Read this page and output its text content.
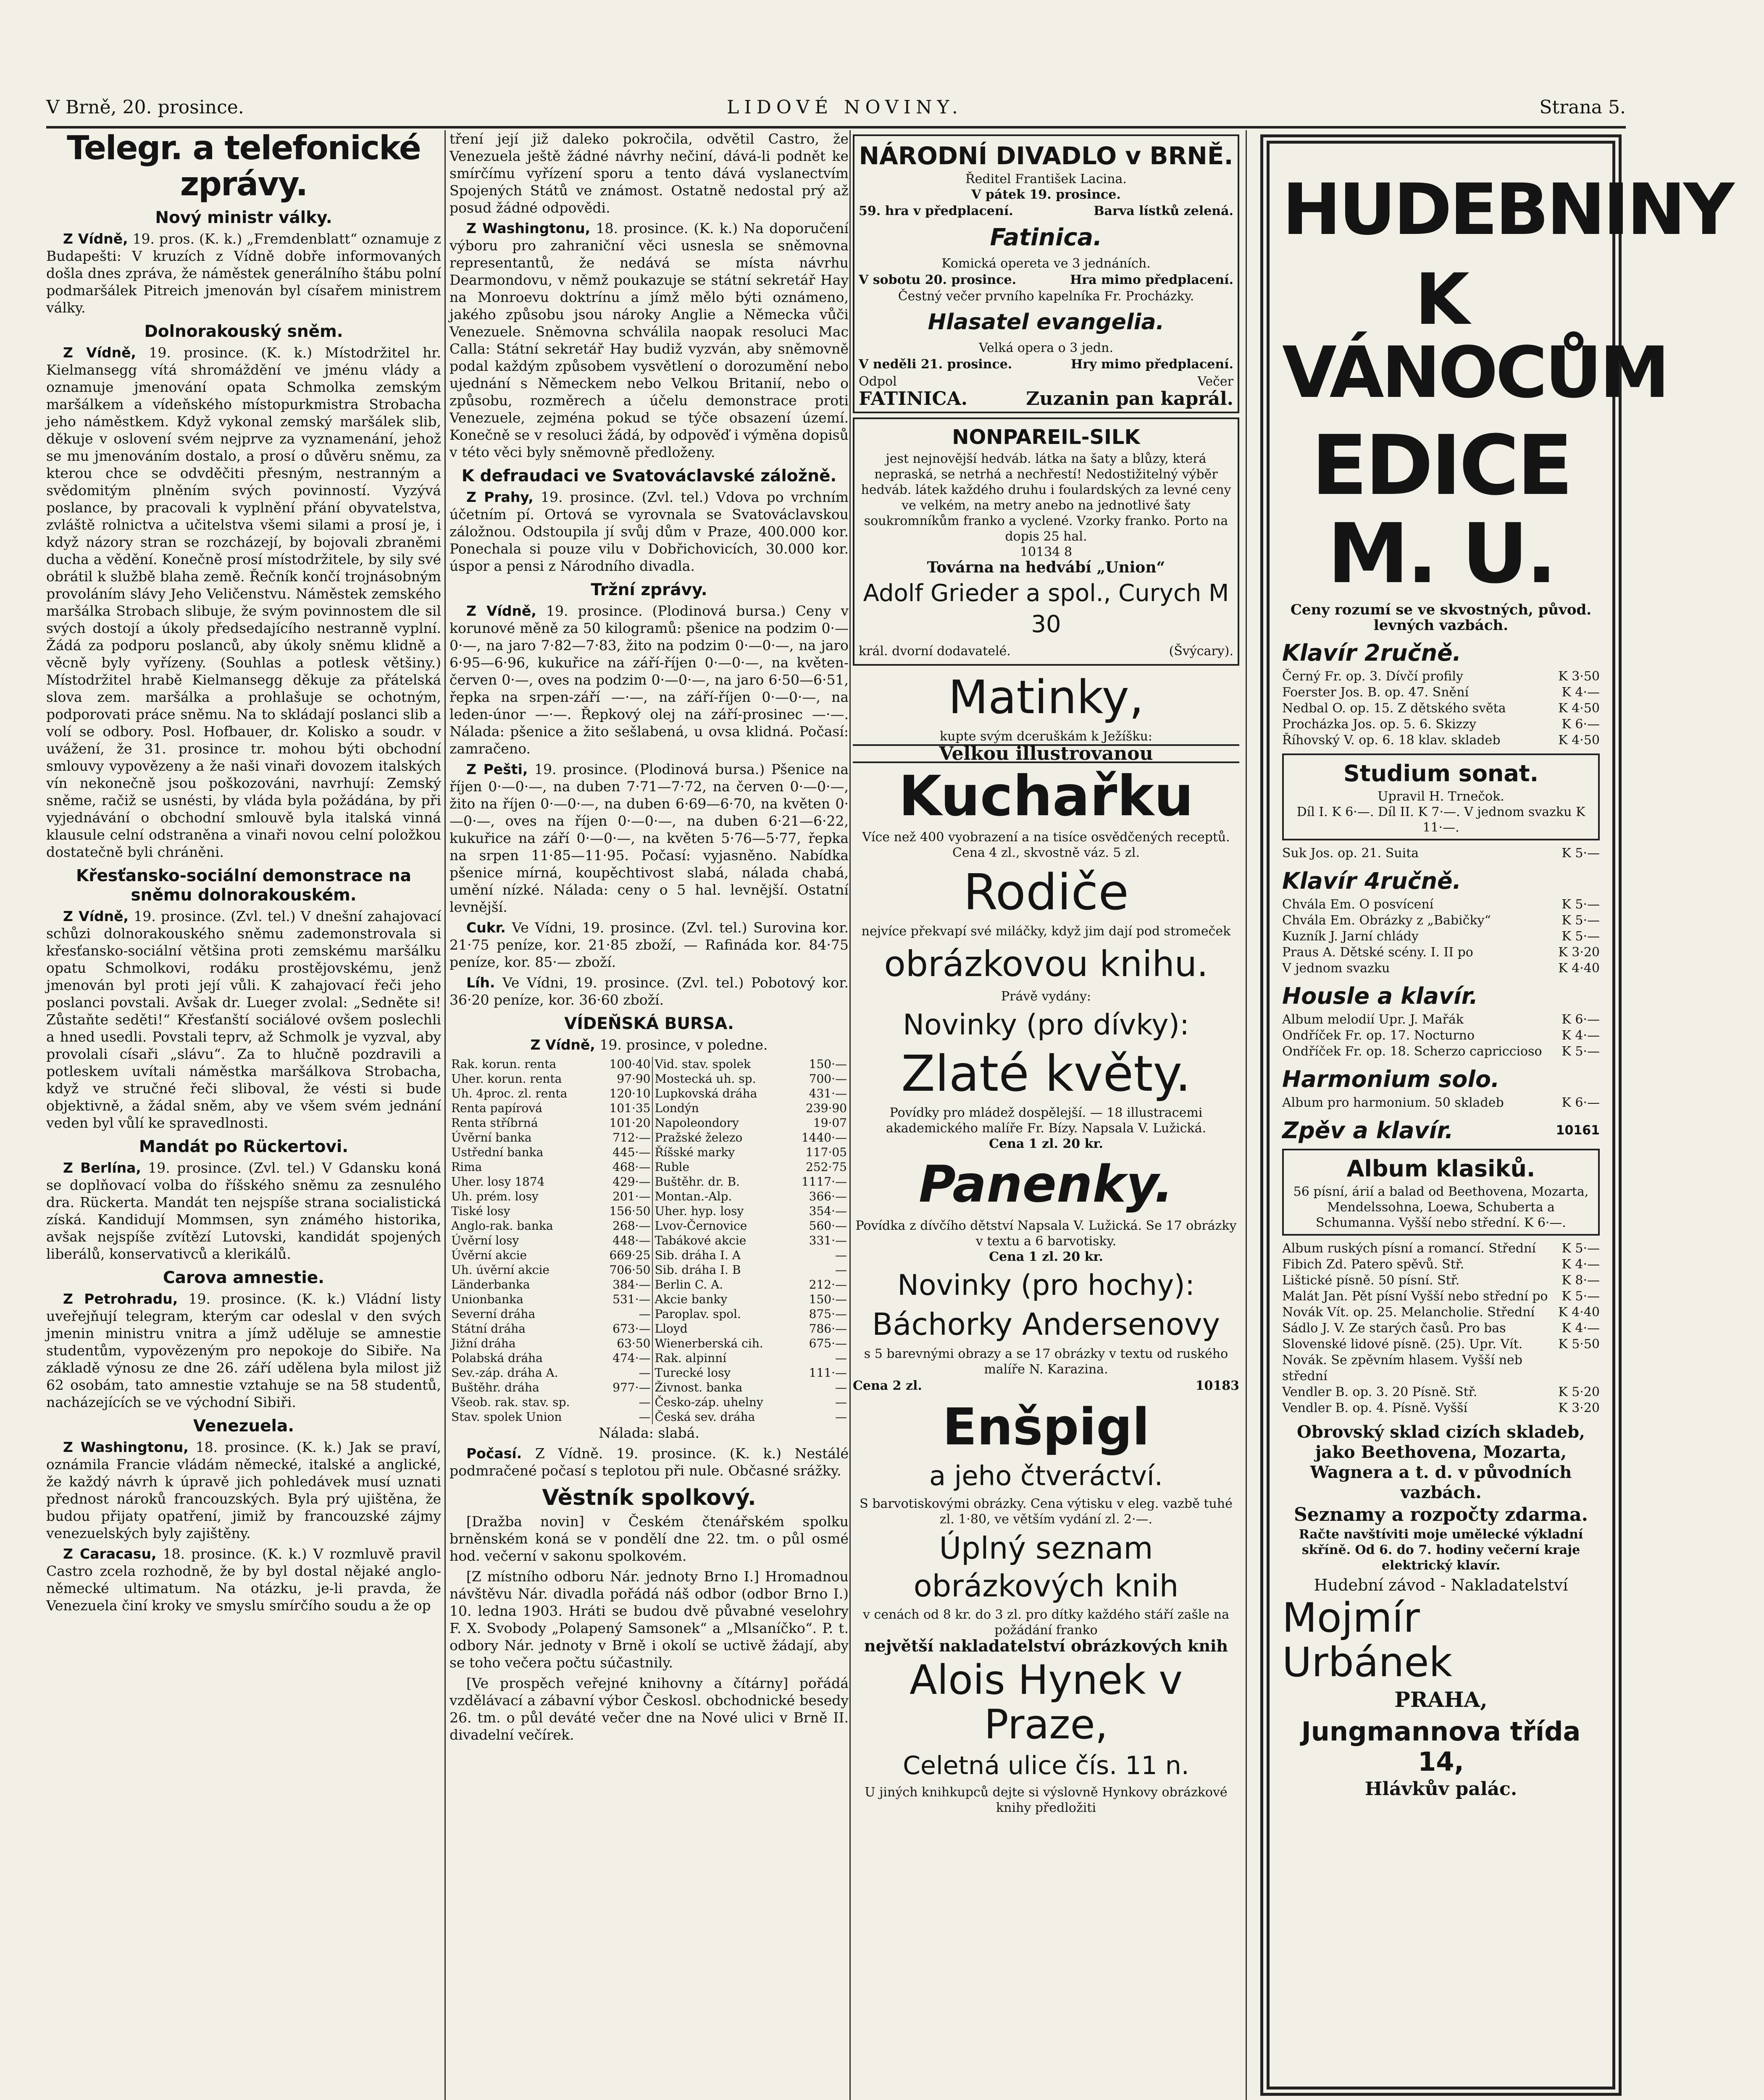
V Brně, 20. prosince.	LIDOVÉ NOVINY.	Strana 5.
Telegr. a telefonické zprávy.
Nový ministr války.

Z Vídně, 19. pros. (K. k.) „Fremdenblatt“ oznamuje z Budapešti: V kruzích z Vídně dobře informovaných došla dnes zpráva, že náměstek generálního štábu polní podmaršálek Pitreich jmenován byl císařem ministrem války.

Dolnorakouský sněm.

Z Vídně, 19. prosince. (K. k.) Místodržitel hr. Kielmansegg vítá shromáždění ve jménu vlády a oznamuje jmenování opata Schmolka zemským maršálkem a vídeňského místopurkmistra Strobacha jeho náměstkem. Když vykonal zemský maršálek slib, děkuje v oslovení svém nejprve za vyznamenání, jehož se mu jmenováním dostalo, a prosí o důvěru sněmu, za kterou chce se odvděčiti přesným, nestranným a svědomitým plněním svých povinností. Vyzývá poslance, by pracovali k vyplnění přání obyvatelstva, zvláště rolnictva a učitelstva všemi silami a prosí je, i když názory stran se rozcházejí, by bojovali zbraněmi ducha a vědění. Konečně prosí místodržitele, by sily své obrátil k službě blaha země. Řečník končí trojnásobným provoláním slávy Jeho Veličenstvu. Náměstek zemského maršálka Strobach slibuje, že svým povinnostem dle sil svých dostojí a úkoly předsedajícího nestranně vyplní. Žádá za podporu poslanců, aby úkoly sněmu klidně a věcně byly vyřízeny. (Souhlas a potlesk většiny.) Místodržitel hrabě Kielmansegg děkuje za přátelská slova zem. maršálka a prohlašuje se ochotným, podporovati práce sněmu. Na to skládají poslanci slib a volí se odbory. Posl. Hofbauer, dr. Kolisko a soudr. v uvážení, že 31. prosince tr. mohou býti obchodní smlouvy vypovězeny a že naši vinaři dovozem italských vín nekonečně jsou poškozováni, navrhují: Zemský sněme, račiž se usnésti, by vláda byla požádána, by při vyjednávání o obchodní smlouvě byla italská vinná klausule celní odstraněna a vinaři novou celní položkou dostatečně byli chráněni.

Křesťansko-sociální demonstrace na sněmu dolnorakouském.

Z Vídně, 19. prosince. (Zvl. tel.) V dnešní zahajovací schůzi dolnorakouského sněmu zademonstrovala si křesťansko-sociální většina proti zemskému maršálku opatu Schmolkovi, rodáku prostějovskému, jenž jmenován byl proti její vůli. K zahajovací řeči jeho poslanci povstali. Avšak dr. Lueger zvolal: „Sedněte si! Zůstaňte seděti!“ Křesťanští sociálové ovšem poslechli a hned usedli. Povstali teprv, až Schmolk je vyzval, aby provolali císaři „slávu“. Za to hlučně pozdravili a potleskem uvítali náměstka maršálkova Strobacha, když ve stručné řeči sliboval, že vésti si bude objektivně, a žádal sněm, aby ve všem svém jednání veden byl vůlí ke spravedlnosti.

Mandát po Rückertovi.

Z Berlína, 19. prosince. (Zvl. tel.) V Gdansku koná se doplňovací volba do říšského sněmu za zesnulého dra. Rückerta. Mandát ten nejspíše strana socialistická získá. Kandidují Mommsen, syn známého historika, avšak nejspíše zvítězí Lutovski, kandidát spojených liberálů, konservativců a klerikálů.

Carova amnestie.

Z Petrohradu, 19. prosince. (K. k.) Vládní listy uveřejňují telegram, kterým car odeslal v den svých jmenin ministru vnitra a jímž uděluje se amnestie studentům, vypovězeným pro nepokoje do Sibiře. Na základě výnosu ze dne 26. září udělena byla milost již 62 osobám, tato amnestie vztahuje se na 58 studentů, nacházejících se ve východní Sibiři.

Venezuela.

Z Washingtonu, 18. prosince. (K. k.) Jak se praví, oznámila Francie vládám německé, italské a anglické, že každý návrh k úpravě jich pohledávek musí uznati přednost nároků francouzských. Byla prý ujištěna, že budou přijaty opatření, jimiž by francouzské zájmy venezuelských byly zajištěny.

Z Caracasu, 18. prosince. (K. k.) V rozmluvě pravil Castro zcela rozhodně, že by byl dostal nějaké anglo-německé ultimatum. Na otázku, je-li pravda, že Venezuela činí kroky ve smyslu smírčího soudu a že op

tření její již daleko pokročila, odvětil Castro, že Venezuela ještě žádné návrhy nečiní, dává-li podnět ke smírčímu vyřízení sporu a tento dává vyslanectvím Spojených Států ve známost. Ostatně nedostal prý až posud žádné odpovědi.

Z Washingtonu, 18. prosince. (K. k.) Na doporučení výboru pro zahraniční věci usnesla se sněmovna representantů, že nedává se místa návrhu Dearmondovu, v němž poukazuje se státní sekretář Hay na Monroevu doktrínu a jímž mělo býti oznámeno, jakého způsobu jsou nároky Anglie a Německa vůči Venezuele. Sněmovna schválila naopak resoluci Mac Calla: Státní sekretář Hay budiž vyzván, aby sněmovně podal každým způsobem vysvětlení o dorozumění nebo ujednání s Německem nebo Velkou Britanií, nebo o způsobu, rozměrech a účelu demonstrace proti Venezuele, zejména pokud se týče obsazení území. Konečně se v resoluci žádá, by odpověď i výměna dopisů v této věci byly sněmovně předloženy.

K defraudaci ve Svatováclavské záložně.

Z Prahy, 19. prosince. (Zvl. tel.) Vdova po vrchním účetním pí. Ortová se vyrovnala se Svatováclavskou záložnou. Odstoupila jí svůj dům v Praze, 400.000 kor. Ponechala si pouze vilu v Dobřichovicích, 30.000 kor. úspor a pensi z Národního divadla.

Tržní zprávy.

Z Vídně, 19. prosince. (Plodinová bursa.) Ceny v korunové měně za 50 kilogramů: pšenice na podzim 0·—0·—, na jaro 7·82—7·83, žito na podzim 0·—0·—, na jaro 6·95—6·96, kukuřice na září-říjen 0·—0·—, na květen-červen 0·—, oves na podzim 0·—0·—, na jaro 6·50—6·51, řepka na srpen-září —·—, na září-říjen 0·—0·—, na leden-únor —·—. Řepkový olej na září-prosinec —·—. Nálada: pšenice a žito sešlabená, u ovsa klidná. Počasí: zamračeno.

Z Pešti, 19. prosince. (Plodinová bursa.) Pšenice na říjen 0·—0·—, na duben 7·71—7·72, na červen 0·—0·—, žito na říjen 0·—0·—, na duben 6·69—6·70, na květen 0·—0·—, oves na říjen 0·—0·—, na duben 6·21—6·22, kukuřice na září 0·—0·—, na květen 5·76—5·77, řepka na srpen 11·85—11·95. Počasí: vyjasněno. Nabídka pšenice mírná, koupěchtivost slabá, nálada chabá, umění nízké. Nálada: ceny o 5 hal. levnější. Ostatní levnější.

Cukr. Ve Vídni, 19. prosince. (Zvl. tel.) Surovina kor. 21·75 peníze, kor. 21·85 zboží, — Rafináda kor. 84·75 peníze, kor. 85·— zboží.

Líh. Ve Vídni, 19. prosince. (Zvl. tel.) Pobotový kor. 36·20 peníze, kor. 36·60 zboží.

VÍDEŇSKÁ BURSA.

Z Vídně, 19. prosince, v poledne.

Rak. korun. renta	100·40	Vid. stav. spolek	150·—
Uher. korun. renta	97·90	Mostecká uh. sp.	700·—
Uh. 4proc. zl. renta	120·10	Lupkovská dráha	431·—
Renta papírová	101·35	Londýn	239·90
Renta stříbrná	101·20	Napoleondory	19·07
Úvěrní banka	712·—	Pražské železo	1440·—
Ustřední banka	445·—	Říšské marky	117·05
Rima	468·—	Ruble	252·75
Uher. losy 1874	429·—	Buštěhr. dr. B.	1117·—
Uh. prém. losy	201·—	Montan.-Alp.	366·—
Tiské losy	156·50	Uher. hyp. losy	354·—
Anglo-rak. banka	268·—	Lvov-Černovice	560·—
Úvěrní losy	448·—	Tabákové akcie	331·—
Úvěrní akcie	669·25	Sib. dráha I. A	—
Uh. úvěrní akcie	706·50	Sib. dráha I. B	—
Länderbanka	384·—	Berlin C. A.	212·—
Unionbanka	531·—	Akcie banky	150·—
Severní dráha	—	Paroplav. spol.	875·—
Státní dráha	673·—	Lloyd	786·—
Jižní dráha	63·50	Wienerberská cih.	675·—
Polabská dráha	474·—	Rak. alpinní	—
Sev.-záp. dráha A.	—	Turecké losy	111·—
Buštěhr. dráha	977·—	Živnost. banka	—
Všeob. rak. stav. sp.	—	Česko-záp. uhelny	—
Stav. spolek Union	—	Česká sev. dráha	—

Nálada: slabá.

Počasí. Z Vídně. 19. prosince. (K. k.) Nestálé podmračené počasí s teplotou při nule. Občasné srážky.

Věstník spolkový.

[Dražba novin] v Českém čtenářském spolku brněnském koná se v pondělí dne 22. tm. o půl osmé hod. večerní v sakonu spolkovém.

[Z místního odboru Nár. jednoty Brno I.] Hromadnou návštěvu Nár. divadla pořádá náš odbor (odbor Brno I.) 10. ledna 1903. Hráti se budou dvě půvabné veselohry F. X. Svobody „Polapený Samsonek“ a „Mlsaníčko“. P. t. odbory Nár. jednoty v Brně i okolí se uctivě žádají, aby se toho večera počtu súčastnily.

[Ve prospěch veřejné knihovny a čítárny] pořádá vzdělávací a zábavní výbor Českosl. obchodnické besedy 26. tm. o půl deváté večer dne na Nové ulici v Brně II. divadelní večírek.

NÁRODNÍ DIVADLO v BRNĚ.
Ředitel František Lacina.
V pátek 19. prosince.
59. hra v předplacení.	Barva lístků zelená.
Fatinica.
Komická opereta ve 3 jednáních.
V sobotu 20. prosince.	Hra mimo předplacení.
Čestný večer prvního kapelníka Fr. Procházky.
Hlasatel evangelia.
Velká opera o 3 jedn.
V neděli 21. prosince.	Hry mimo předplacení.
Odpol	Večer
FATINICA.	Zuzanin pan kaprál.
NONPAREIL-SILK
jest nejnovější hedváb. látka na šaty a blůzy, která nepraská, se netrhá a nechřestí! Nedostižitelný výběr hedváb. látek každého druhu i foulardských za levné ceny ve velkém, na metry anebo na jednotlivé šaty soukromníkům franko a vyclené. Vzorky franko. Porto na dopis 25 hal.
10134 8
Továrna na hedvábí „Union“
Adolf Grieder a spol., Curych M 30
král. dvorní dodavatelé.	(Švýcary).
Matinky,
kupte svým dceruškám k Ježíšku:
Velkou illustrovanou
Kuchařku
Více než 400 vyobrazení a na tisíce osvědčených receptů.
Cena 4 zl., skvostně váz. 5 zl.
Rodiče
nejvíce překvapí své miláčky, když jim dají pod stromeček
obrázkovou knihu.
Právě vydány:
Novinky (pro dívky):
Zlaté květy.
Povídky pro mládež dospělejší. — 18 illustracemi akademického malíře Fr. Bízy. Napsala V. Lužická.
Cena 1 zl. 20 kr.
Panenky.
Povídka z dívčího dětství Napsala V. Lužická. Se 17 obrázky v textu a 6 barvotisky.
Cena 1 zl. 20 kr.
Novinky (pro hochy):
Báchorky Andersenovy
s 5 barevnými obrazy a se 17 obrázky v textu od ruského malíře N. Karazina.
Cena 2 zl.	10183
Enšpigl
a jeho čtveráctví.
S barvotiskovými obrázky. Cena výtisku v eleg. vazbě tuhé zl. 1·80, ve větším vydání zl. 2·—.
Úplný seznam
obrázkových knih
v cenách od 8 kr. do 3 zl. pro dítky každého stáří zašle na požádání franko
největší nakladatelství obrázkových knih
Alois Hynek v Praze,
Celetná ulice čís. 11 n.
U jiných knihkupců dejte si výslovně Hynkovy obrázkové knihy předložiti
HUDEBNINY
K VÁNOCŮM
EDICE M. U.
Ceny rozumí se ve skvostných, původ. levných vazbách.
Klavír 2ručně.
Černý Fr. op. 3. Dívčí profily	K 3·50
Foerster Jos. B. op. 47. Snění	K 4·—
Nedbal O. op. 15. Z dětského světa	K 4·50
Procházka Jos. op. 5. 6. Skizzy	K 6·—
Říhovský V. op. 6. 18 klav. skladeb	K 4·50
Studium sonat.
Upravil H. Trnečok.
Díl I. K 6·—. Díl II. K 7·—. V jednom svazku K 11·—.
Suk Jos. op. 21. Suita	K 5·—
Klavír 4ručně.
Chvála Em. O posvícení	K 5·—
Chvála Em. Obrázky z „Babičky“	K 5·—
Kuzník J. Jarní chlády	K 5·—
Praus A. Dětské scény. I. II po	K 3·20
V jednom svazku	K 4·40
Housle a klavír.
Album melodií Upr. J. Mařák	K 6·—
Ondříček Fr. op. 17. Nocturno	K 4·—
Ondříček Fr. op. 18. Scherzo capriccioso K 5·—
Harmonium solo.
Album pro harmonium. 50 skladeb	K 6·—
Zpěv a klavír.	10161
Album klasiků.
56 písní, árií a balad od Beethovena, Mozarta, Mendelssohna, Loewa, Schuberta a Schumanna. Vyšší nebo střední. K 6·—.
Album ruských písní a romancí. Střední K 5·—
Fibich Zd. Patero spěvů. Stř.	K 4·—
Lištické písně. 50 písní. Stř.	K 8·—
Malát Jan. Pět písní Vyšší nebo střední po K 5·—
Novák Vít. op. 25. Melancholie. Střední K 4·40
Sádlo J. V. Ze starých časů. Pro bas	K 4·—
Slovenské lidové písně. (25). Upr. Vít. Novák. Se zpěvním hlasem. Vyšší neb střední
K 5·50
Vendler B. op. 3. 20 Písně. Stř.	K 5·20
Vendler B. op. 4. Písně. Vyšší	K 3·20
Obrovský sklad cizích skladeb, jako Beethovena, Mozarta, Wagnera a t. d. v původních vazbách.
Seznamy a rozpočty zdarma.
Račte navštíviti moje umělecké výkladní skříně. Od 6. do 7. hodiny večerní kraje elektrický klavír.
Hudební závod - Nakladatelství
Mojmír Urbánek
PRAHA,
Jungmannova třída 14,
Hlávkův palác.
